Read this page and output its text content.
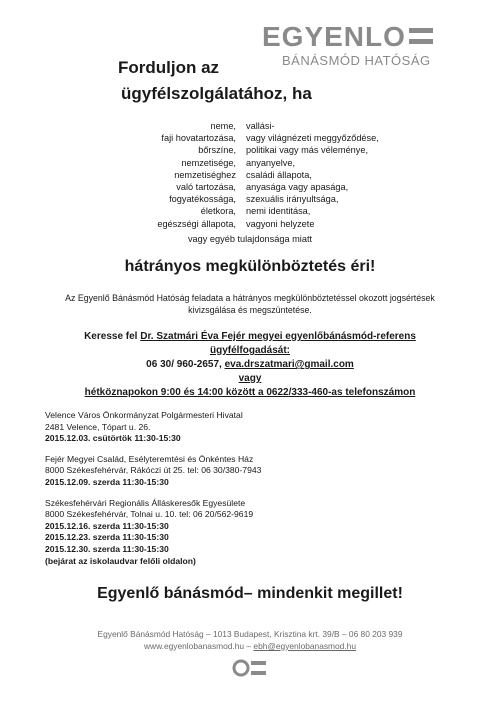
EGYENLO
BÁNÁSMÓD HATÓSÁG
Forduljon az
ügyfélszolgálatához, ha
neme,
faji hovatartozása,
bőrszíne,
nemzetisége,
nemzetiséghez
való tartozása,
fogyatékossága,
életkora,
egészségi állapota,
vallási-
vagy világnézeti meggyőződése,
politikai vagy más véleménye,
anyanyelve,
családi állapota,
anyasága vagy apasága,
szexuális irányultsága,
nemi identitása,
vagyoni helyzete
vagy egyéb tulajdonsága miatt
hátrányos megkülönböztetés éri!
Az Egyenlő Bánásmód Hatóság feladata a hátrányos megkülönböztetéssel okozott jogsértések
kivizsgálása és megszüntetése.
Keresse fel Dr. Szatmári Éva Fejér megyei egyenlőbánásmód-referens
ügyfélfogadását:
06 30/ 960-2657, eva.drszatmari@gmail.com
vagy
hétköznapokon 9:00 és 14:00 között a 0622/333-460-as telefonszámon
Velence Város Önkormányzat Polgármesteri Hivatal
2481 Velence, Tópart u. 26.
2015.12.03. csütörtök 11:30-15:30
Fejér Megyei Család, Esélyteremtési és Önkéntes Ház
8000 Székesfehérvár, Rákóczi út 25. tel: 06 30/380-7943
2015.12.09. szerda 11:30-15:30
Székesfehérvári Regionális Álláskeresők Egyesülete
8000 Székesfehérvár, Tolnai u. 10. tel: 06 20/562-9619
2015.12.16. szerda 11:30-15:30
2015.12.23. szerda 11:30-15:30
2015.12.30. szerda 11:30-15:30
(bejárat az iskolaudvar felőli oldalon)
Egyenlő bánásmód– mindenkit megillet!
Egyenlő Bánásmód Hatóság – 1013 Budapest, Krisztina krt. 39/B – 06 80 203 939
www.egyenlobanasmod.hu – ebh@egyenlobanasmod.hu
